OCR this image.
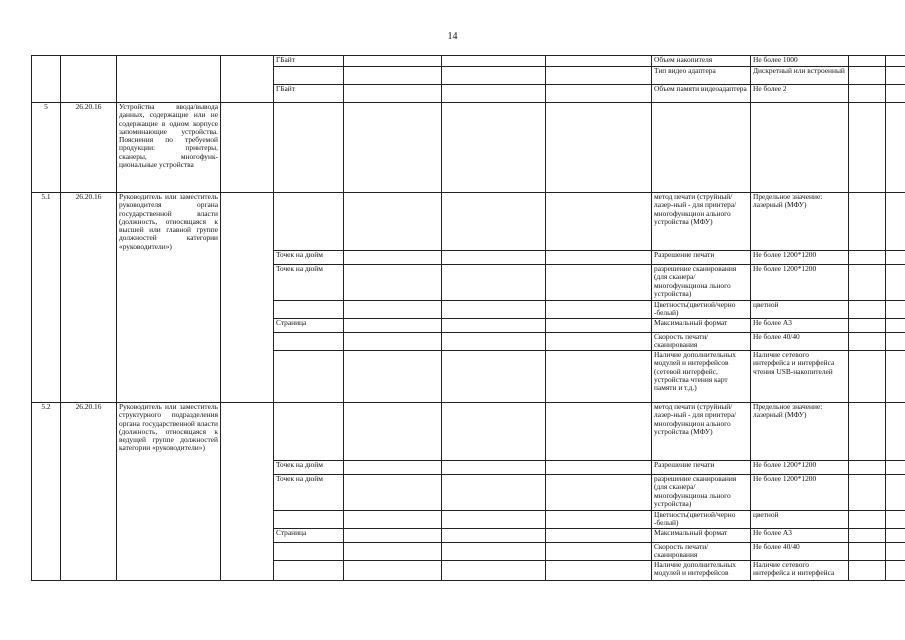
14
				ГБайт				Объем накопителя	Не более 1000			
								Тип видео адаптера	Дискретный или встроенный			
				ГБайт				Объем памяти видеоадаптера	Не более 2			
5	26.20.16	Устройства ввода/вывода данных, содержащие или не содержащие в одном корпусе запоминающие устройства. Пояснения по требуемой продукции: принтеры, сканеры, многофунк-циональные устройства										
5.1	26.20.16	Руководитель или заместитель руководителя органа государственной власти (должность, относящаяся к высшей или главной группе должностей категории «руководители»)						метод печати (струйный/лазер-ный - для принтера/многофункцион ального устройства (МФУ)	Предельное значение: лазерный (МФУ)			
				Точек на дюйм				Разрешение печати	Не более 1200*1200			
				Точек на дюйм				разрешение сканирования (для сканера/многофункциона льного устройства)	Не более 1200*1200			
								Цветность(цветной/черно -белый)	цветной			
				Страница				Максимальный формат	Не более А3			
								Скорость печати/сканирования	Не более 40/40			
								Наличие дополнительных модулей и интерфейсов (сетевой интерфейс, устройства чтения карт памяти и т.д.)	Наличие сетевого интерфейса и интерфейса чтения USB-накопителей			
5.2	26.20.16	Руководитель или заместитель структурного подразделения органа государственной власти (должность, относящаяся к ведущей группе должностей категории «руководители»)						метод печати (струйный/лазер-ный - для принтера/многофункцион ального устройства (МФУ)	Предельное значение: лазерный (МФУ)			
				Точек на дюйм				Разрешение печати	Не более 1200*1200			
				Точек на дюйм				разрешение сканирования (для сканера/многофункциона льного устройства)	Не более 1200*1200			
								Цветность(цветной/черно -белый)	цветной			
				Страница				Максимальный формат	Не более А3			
								Скорость печати/сканирования	Не более 40/40			
								Наличие дополнительных модулей и интерфейсов	Наличие сетевого интерфейса и интерфейса			
